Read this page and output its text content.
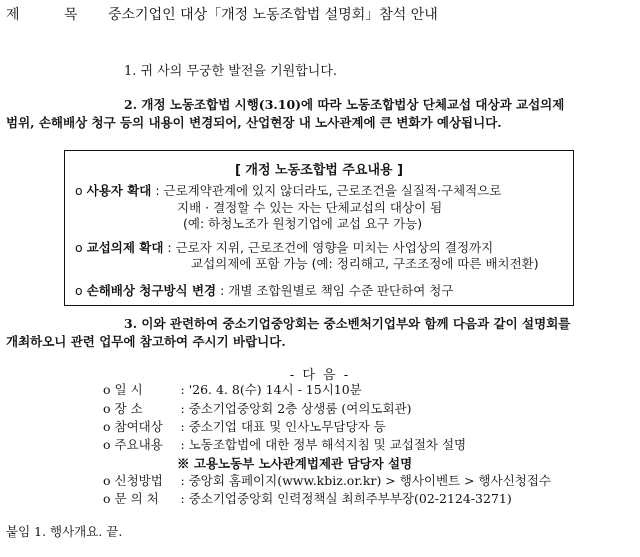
제 목 중소기업인 대상「개정 노동조합법 설명회」참석 안내
1. 귀 사의 무궁한 발전을 기원합니다.
2. 개정 노동조합법 시행(3.10)에 따라 노동조합법상 단체교섭 대상과 교섭의제
범위, 손해배상 청구 등의 내용이 변경되어, 산업현장 내 노사관계에 큰 변화가 예상됩니다.
[ 개정 노동조합법 주요내용 ]
o 사용자 확대 : 근로계약관계에 있지 않더라도, 근로조건을 실질적·구체적으로
지배 · 결정할 수 있는 자는 단체교섭의 대상이 됨
(예: 하청노조가 원청기업에 교섭 요구 가능)
o 교섭의제 확대 : 근로자 지위, 근로조건에 영향을 미치는 사업상의 결정까지
교섭의제에 포함 가능 (예: 정리해고, 구조조정에 따른 배치전환)
o 손해배상 청구방식 변경 : 개별 조합원별로 책임 수준 판단하여 청구
3. 이와 관련하여 중소기업중앙회는 중소벤처기업부와 함께 다음과 같이 설명회를
개최하오니 관련 업무에 참고하여 주시기 바랍니다.
- 다 음 -
o 일 시	: '26. 4. 8(수) 14시 - 15시10분
o 장 소	: 중소기업중앙회 2층 상생룸 (여의도회관)
o 참여대상 : 중소기업 대표 및 인사노무담당자 등
o 주요내용 : 노동조합법에 대한 정부 해석지침 및 교섭절차 설명
※ 고용노동부 노사관계법제관 담당자 설명
o 신청방법 : 중앙회 홈페이지(www.kbiz.or.kr) > 행사이벤트 > 행사신청접수
o 문 의 처 : 중소기업중앙회 인력정책실 최희주부부장(02-2124-3271)
붙임 1. 행사개요. 끝.
